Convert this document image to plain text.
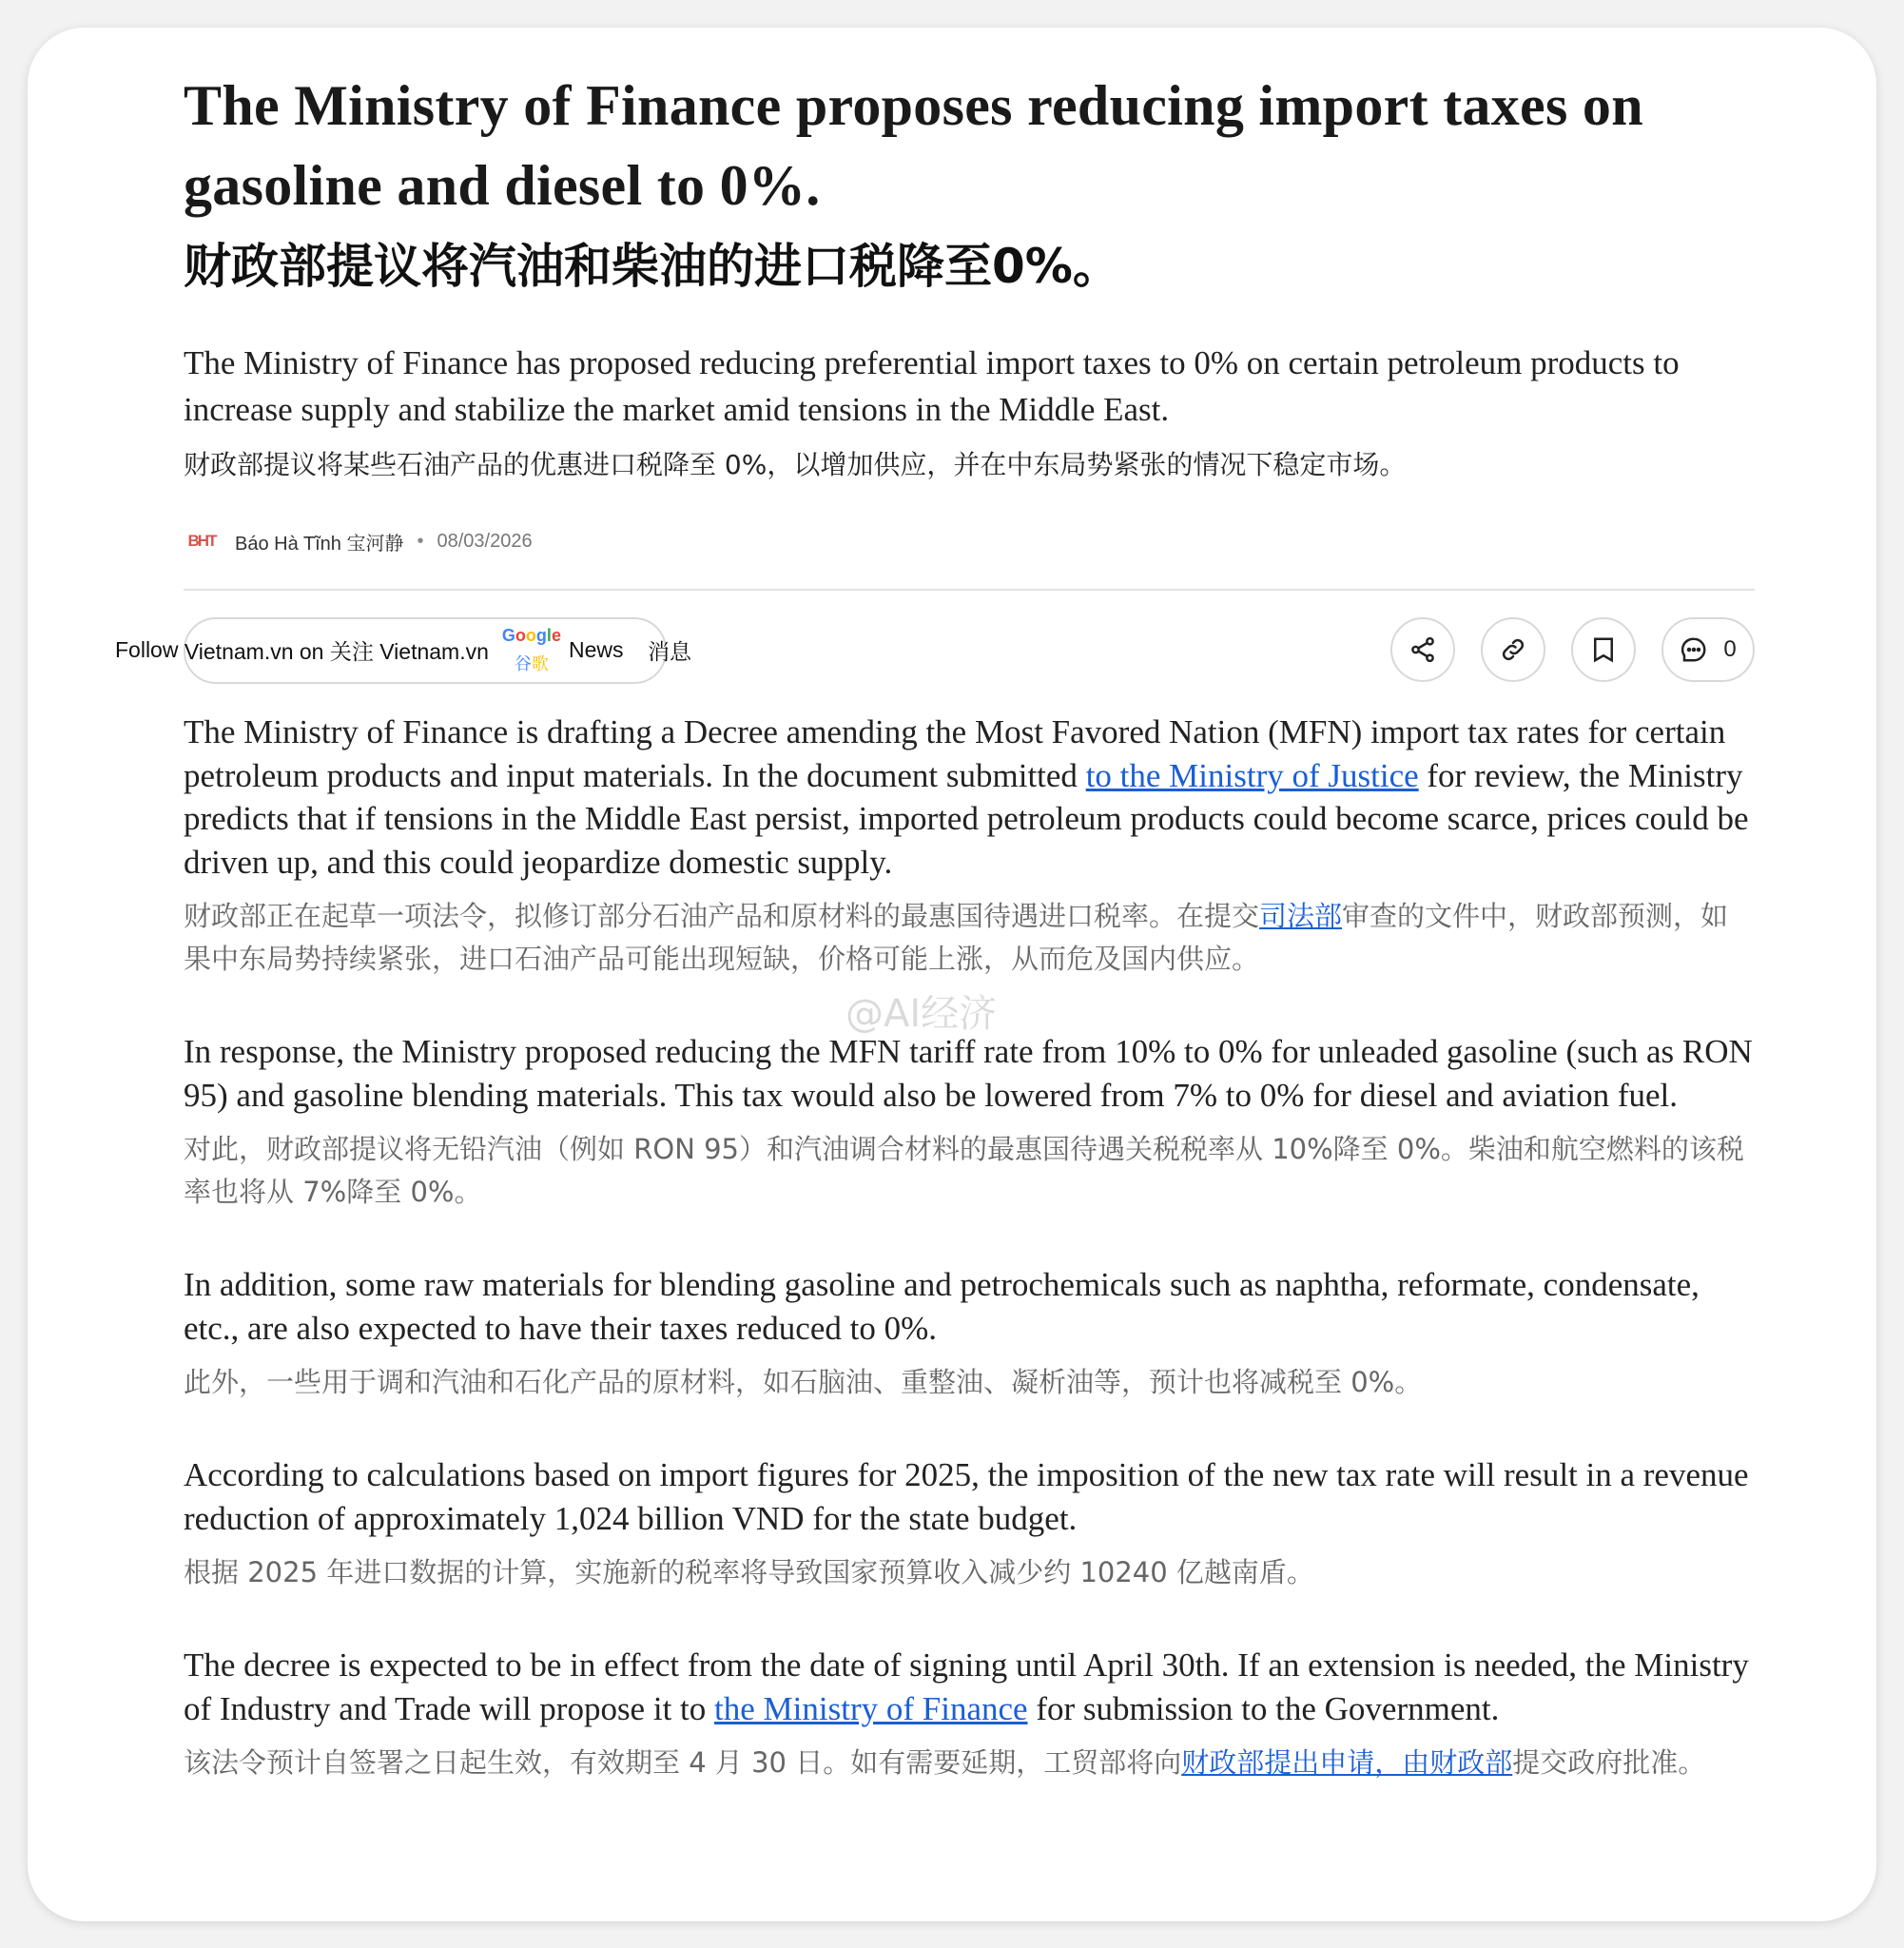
The Ministry of Finance proposes reducing import taxes on gasoline and diesel to 0%.
财政部提议将汽油和柴油的进口税降至0%。

The Ministry of Finance has proposed reducing preferential import taxes to 0% on certain petroleum products to increase supply and stabilize the market amid tensions in the Middle East.

财政部提议将某些石油产品的优惠进口税降至 0%，以增加供应，并在中东局势紧张的情况下稳定市场。

BHT Báo Hà Tĩnh 宝河静 • 08/03/2026
Follow
Vietnam.vn on 关注 Vietnam.vn
Google
谷歌
News
消息	0

The Ministry of Finance is drafting a Decree amending the Most Favored Nation (MFN) import tax rates for certain petroleum products and input materials. In the document submitted to the Ministry of Justice for review, the Ministry predicts that if tensions in the Middle East persist, imported petroleum products could become scarce, prices could be driven up, and this could jeopardize domestic supply.

财政部正在起草一项法令，拟修订部分石油产品和原材料的最惠国待遇进口税率。在提交司法部审查的文件中，财政部预测，如果中东局势持续紧张，进口石油产品可能出现短缺，价格可能上涨，从而危及国内供应。

In response, the Ministry proposed reducing the MFN tariff rate from 10% to 0% for unleaded gasoline (such as RON 95) and gasoline blending materials. This tax would also be lowered from 7% to 0% for diesel and aviation fuel.

对此，财政部提议将无铅汽油（例如 RON 95）和汽油调合材料的最惠国待遇关税税率从 10%降至 0%。柴油和航空燃料的该税率也将从 7%降至 0%。

In addition, some raw materials for blending gasoline and petrochemicals such as naphtha, reformate, condensate, etc., are also expected to have their taxes reduced to 0%.

此外，一些用于调和汽油和石化产品的原材料，如石脑油、重整油、凝析油等，预计也将减税至 0%。

According to calculations based on import figures for 2025, the imposition of the new tax rate will result in a revenue reduction of approximately 1,024 billion VND for the state budget.

根据 2025 年进口数据的计算，实施新的税率将导致国家预算收入减少约 10240 亿越南盾。

The decree is expected to be in effect from the date of signing until April 30th. If an extension is needed, the Ministry of Industry and Trade will propose it to the Ministry of Finance for submission to the Government.

该法令预计自签署之日起生效，有效期至 4 月 30 日。如有需要延期，工贸部将向财政部提出申请，由财政部提交政府批准。

@AI经济
